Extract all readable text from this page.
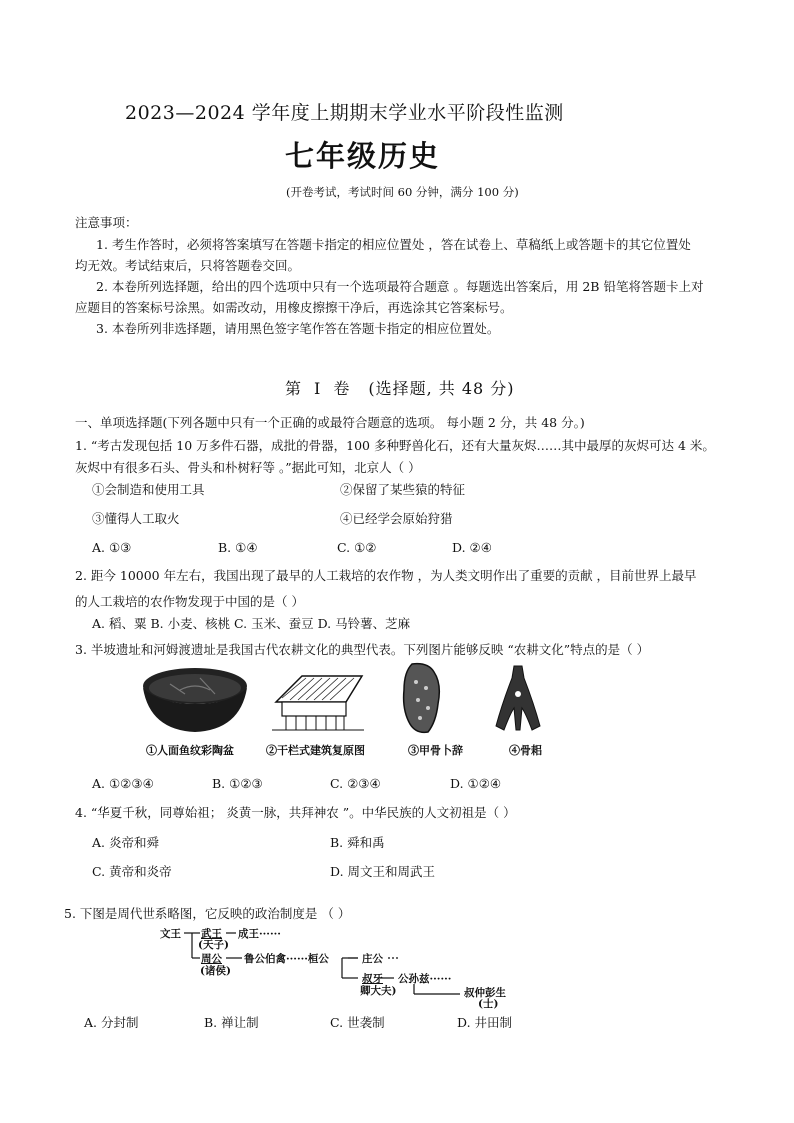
2023—2024 学年度上期期末学业水平阶段性监测
七年级历史
(开卷考试，考试时间 60 分钟，满分 100 分)
注意事项：
1. 考生作答时，必须将答案填写在答题卡指定的相应位置处 ，答在试卷上、草稿纸上或答题卡的其它位置处
均无效。考试结束后，只将答题卷交回。
2. 本卷所列选择题，给出的四个选项中只有一个选项最符合题意 。每题选出答案后，用 2B 铅笔将答题卡上对
应题目的答案标号涂黑。如需改动，用橡皮擦擦干净后，再选涂其它答案标号。
3. 本卷所列非选择题，请用黑色签字笔作答在答题卡指定的相应位置处。
第 I 卷 (选择题, 共 48 分)
一、单项选择题(下列各题中只有一个正确的或最符合题意的选项。 每小题 2 分，共 48 分。)
1. “考古发现包括 10 万多件石器，成批的骨器，100 多种野兽化石，还有大量灰烬……其中最厚的灰烬可达 4 米。
灰烬中有很多石头、骨头和朴树籽等 。”据此可知，北京人（ ）
①会制造和使用工具	②保留了某些猿的特征
③懂得人工取火	④已经学会原始狩猎
A. ①③	B. ①④	C. ①②	D. ②④
2. 距今 10000 年左右，我国出现了最早的人工栽培的农作物 ，为人类文明作出了重要的贡献 ，目前世界上最早
的人工栽培的农作物发现于中国的是（ ）
A. 稻、粟 B. 小麦、核桃 C. 玉米、蚕豆 D. 马铃薯、芝麻
3. 半坡遗址和河姆渡遗址是我国古代农耕文化的典型代表。下列图片能够反映 “农耕文化”特点的是（ ）
①人面鱼纹彩陶盆	②干栏式建筑复原图	③甲骨卜辞	④骨耜
A. ①②③④	B. ①②③	C. ②③④	D. ①②④
4. “华夏千秋，同尊始祖； 炎黄一脉，共拜神农 ”。中华民族的人文初祖是（ ）
A. 炎帝和舜	B. 舜和禹
C. 黄帝和炎帝	D. 周文王和周武王
5. 下图是周代世系略图，它反映的政治制度是 （ ）
文王 武王 成王······
(天子)
周公 鲁公伯禽······桓公
(诸侯)
庄公
叔牙 公孙兹······
卿大夫)	叔仲彭生
(士)
A. 分封制	B. 禅让制	C. 世袭制	D. 井田制
